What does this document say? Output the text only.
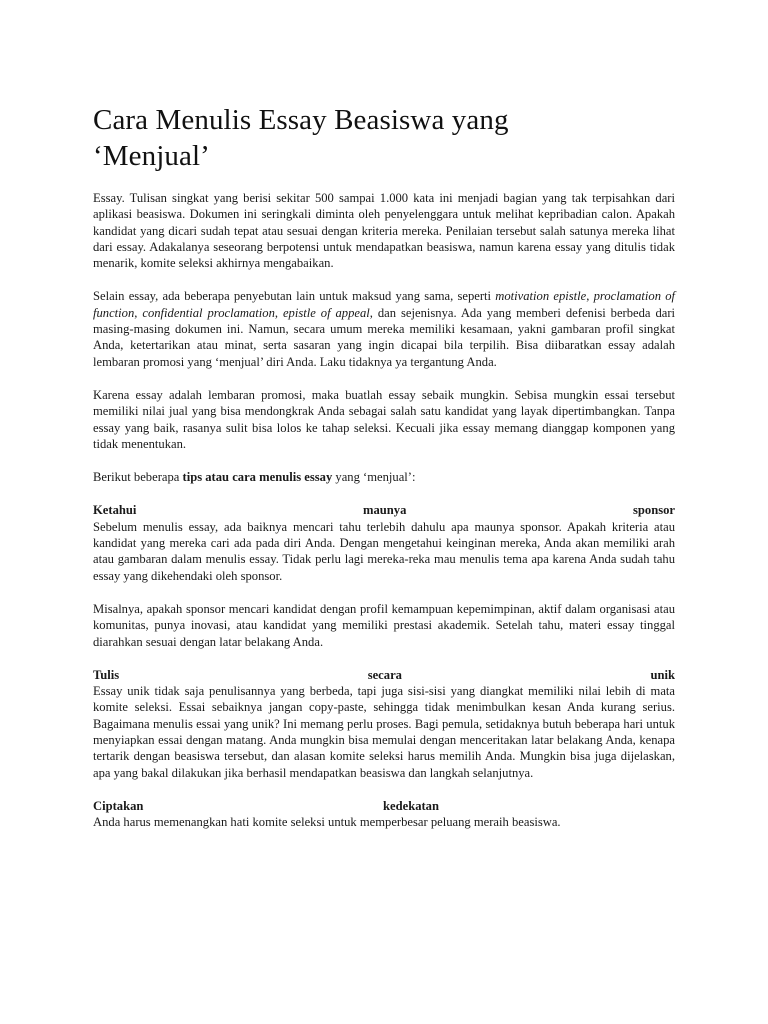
Cara Menulis Essay Beasiswa yang
‘Menjual’

Essay. Tulisan singkat yang berisi sekitar 500 sampai 1.000 kata ini menjadi bagian yang tak terpisahkan dari aplikasi beasiswa. Dokumen ini seringkali diminta oleh penyelenggara untuk melihat kepribadian calon. Apakah kandidat yang dicari sudah tepat atau sesuai dengan kriteria mereka. Penilaian tersebut salah satunya mereka lihat dari essay. Adakalanya seseorang berpotensi untuk mendapatkan beasiswa, namun karena essay yang ditulis tidak menarik, komite seleksi akhirnya mengabaikan.

Selain essay, ada beberapa penyebutan lain untuk maksud yang sama, seperti motivation epistle, proclamation of function, confidential proclamation, epistle of appeal, dan sejenisnya. Ada yang memberi defenisi berbeda dari masing-masing dokumen ini. Namun, secara umum mereka memiliki kesamaan, yakni gambaran profil singkat Anda, ketertarikan atau minat, serta sasaran yang ingin dicapai bila terpilih. Bisa diibaratkan essay adalah lembaran promosi yang ‘menjual’ diri Anda. Laku tidaknya ya tergantung Anda.

Karena essay adalah lembaran promosi, maka buatlah essay sebaik mungkin. Sebisa mungkin essai tersebut memiliki nilai jual yang bisa mendongkrak Anda sebagai salah satu kandidat yang layak dipertimbangkan. Tanpa essay yang baik, rasanya sulit bisa lolos ke tahap seleksi. Kecuali jika essay memang dianggap komponen yang tidak menentukan.

Berikut beberapa tips atau cara menulis essay yang ‘menjual’:

Ketahui	maunya	sponsor

Sebelum menulis essay, ada baiknya mencari tahu terlebih dahulu apa maunya sponsor. Apakah kriteria atau kandidat yang mereka cari ada pada diri Anda. Dengan mengetahui keinginan mereka, Anda akan memiliki arah atau gambaran dalam menulis essay. Tidak perlu lagi mereka-reka mau menulis tema apa karena Anda sudah tahu essay yang dikehendaki oleh sponsor.

Misalnya, apakah sponsor mencari kandidat dengan profil kemampuan kepemimpinan, aktif dalam organisasi atau komunitas, punya inovasi, atau kandidat yang memiliki prestasi akademik. Setelah tahu, materi essay tinggal diarahkan sesuai dengan latar belakang Anda.

Tulis	secara	unik

Essay unik tidak saja penulisannya yang berbeda, tapi juga sisi-sisi yang diangkat memiliki nilai lebih di mata komite seleksi. Essai sebaiknya jangan copy-paste, sehingga tidak menimbulkan kesan Anda kurang serius. Bagaimana menulis essai yang unik? Ini memang perlu proses. Bagi pemula, setidaknya butuh beberapa hari untuk menyiapkan essai dengan matang. Anda mungkin bisa memulai dengan menceritakan latar belakang Anda, kenapa tertarik dengan beasiswa tersebut, dan alasan komite seleksi harus memilih Anda. Mungkin bisa juga dijelaskan, apa yang bakal dilakukan jika berhasil mendapatkan beasiswa dan langkah selanjutnya.

Ciptakan	kedekatan

Anda harus memenangkan hati komite seleksi untuk memperbesar peluang meraih beasiswa.
